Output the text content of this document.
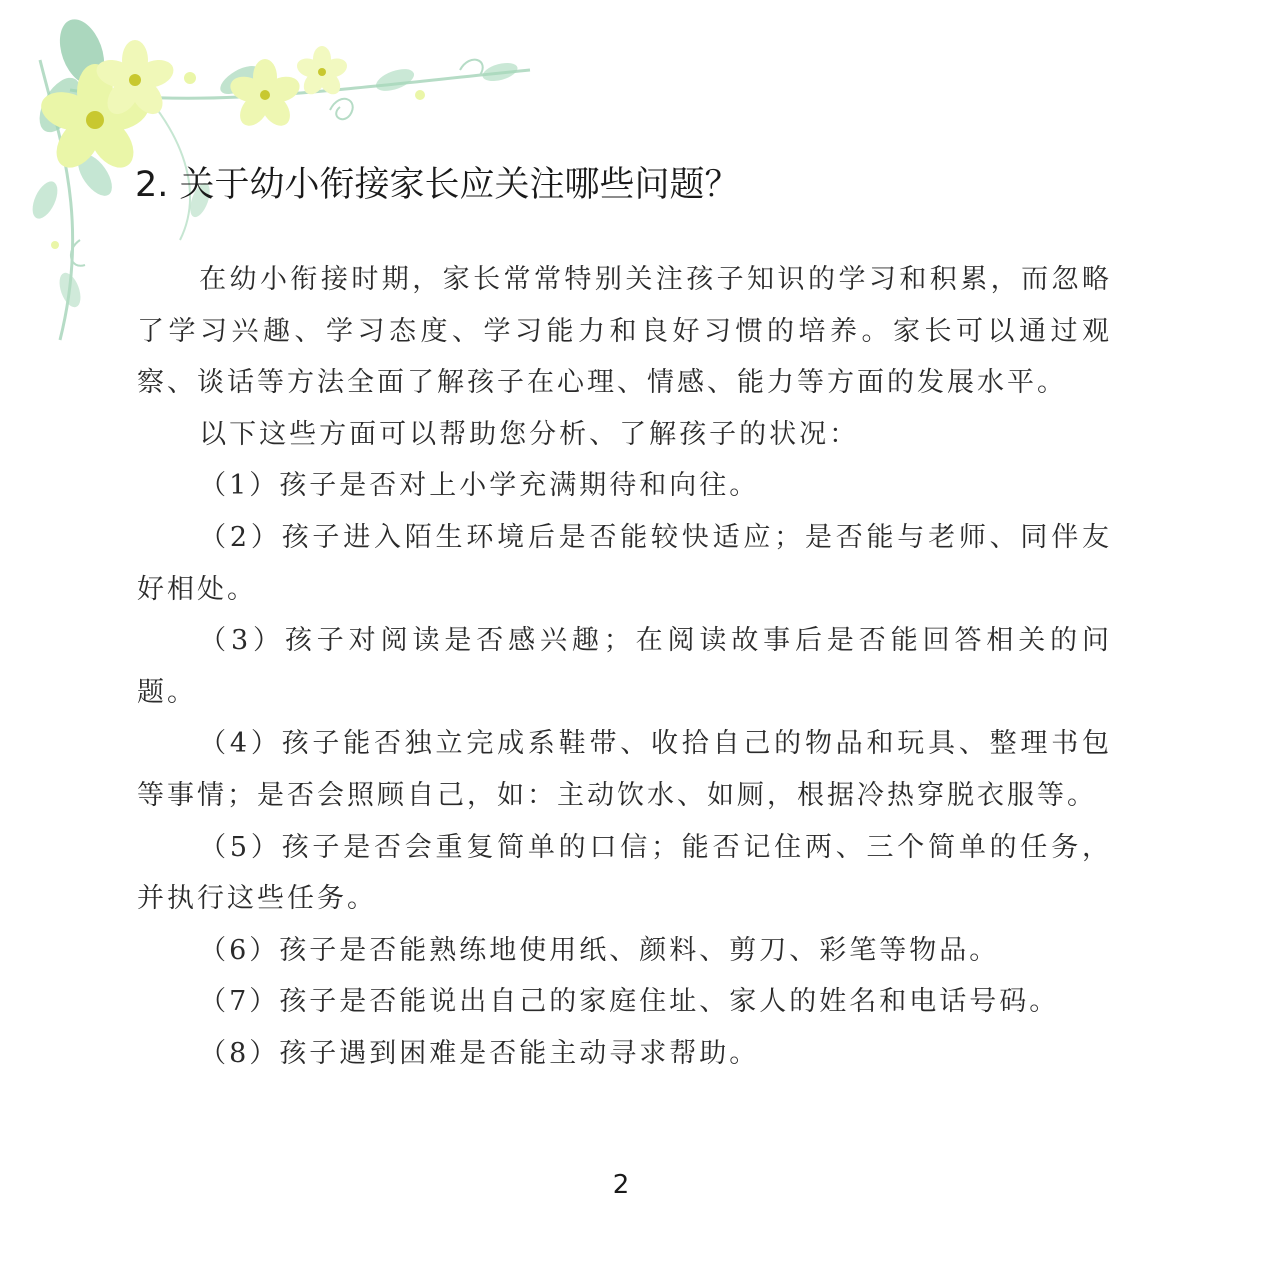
2. 关于幼小衔接家长应关注哪些问题？

在幼小衔接时期，家长常常特别关注孩子知识的学习和积累，而忽略了学习兴趣、学习态度、学习能力和良好习惯的培养。家长可以通过观察、谈话等方法全面了解孩子在心理、情感、能力等方面的发展水平。

以下这些方面可以帮助您分析、了解孩子的状况：

（1）孩子是否对上小学充满期待和向往。

（2）孩子进入陌生环境后是否能较快适应；是否能与老师、同伴友好相处。

（3）孩子对阅读是否感兴趣；在阅读故事后是否能回答相关的问题。

（4）孩子能否独立完成系鞋带、收拾自己的物品和玩具、整理书包等事情；是否会照顾自己，如：主动饮水、如厕，根据冷热穿脱衣服等。

（5）孩子是否会重复简单的口信；能否记住两、三个简单的任务，并执行这些任务。

（6）孩子是否能熟练地使用纸、颜料、剪刀、彩笔等物品。

（7）孩子是否能说出自己的家庭住址、家人的姓名和电话号码。

（8）孩子遇到困难是否能主动寻求帮助。

2
